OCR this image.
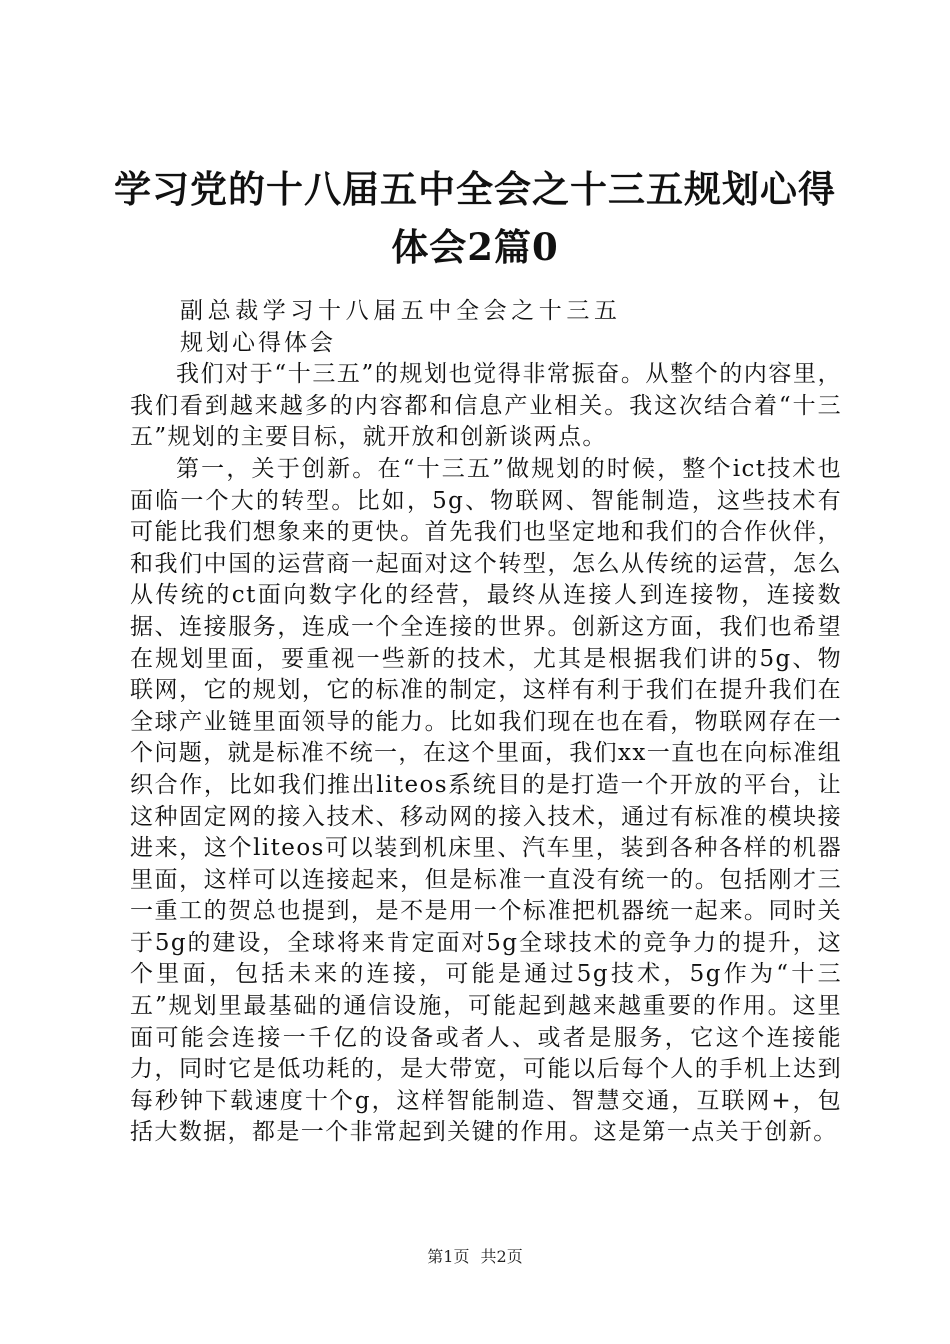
学习党的十八届五中全会之十三五规划心得体会2篇0

副总裁学习十八届五中全会之十三五规划心得体会

我们对于“十三五”的规划也觉得非常振奋。从整个的内容里，我们看到越来越多的内容都和信息产业相关。我这次结合着“十三五”规划的主要目标，就开放和创新谈两点。

第一，关于创新。在“十三五”做规划的时候，整个ict技术也面临一个大的转型。比如，5g、物联网、智能制造，这些技术有可能比我们想象来的更快。首先我们也坚定地和我们的合作伙伴，和我们中国的运营商一起面对这个转型，怎么从传统的运营，怎么从传统的ct面向数字化的经营，最终从连接人到连接物，连接数据、连接服务，连成一个全连接的世界。创新这方面，我们也希望在规划里面，要重视一些新的技术，尤其是根据我们讲的5g、物联网，它的规划，它的标准的制定，这样有利于我们在提升我们在全球产业链里面领导的能力。比如我们现在也在看，物联网存在一个问题，就是标准不统一，在这个里面，我们xx一直也在向标准组织合作，比如我们推出liteos系统目的是打造一个开放的平台，让这种固定网的接入技术、移动网的接入技术，通过有标准的模块接进来，这个liteos可以装到机床里、汽车里，装到各种各样的机器里面，这样可以连接起来，但是标准一直没有统一的。包括刚才三一重工的贺总也提到，是不是用一个标准把机器统一起来。同时关于5g的建设，全球将来肯定面对5g全球技术的竞争力的提升，这个里面，包括未来的连接，可能是通过5g技术，5g作为“十三五”规划里最基础的通信设施，可能起到越来越重要的作用。这里面可能会连接一千亿的设备或者人、或者是服务，它这个连接能力，同时它是低功耗的，是大带宽，可能以后每个人的手机上达到每秒钟下载速度十个g，这样智能制造、智慧交通，互联网+，包括大数据，都是一个非常起到关键的作用。这是第一点关于创新。

第1页 共2页
